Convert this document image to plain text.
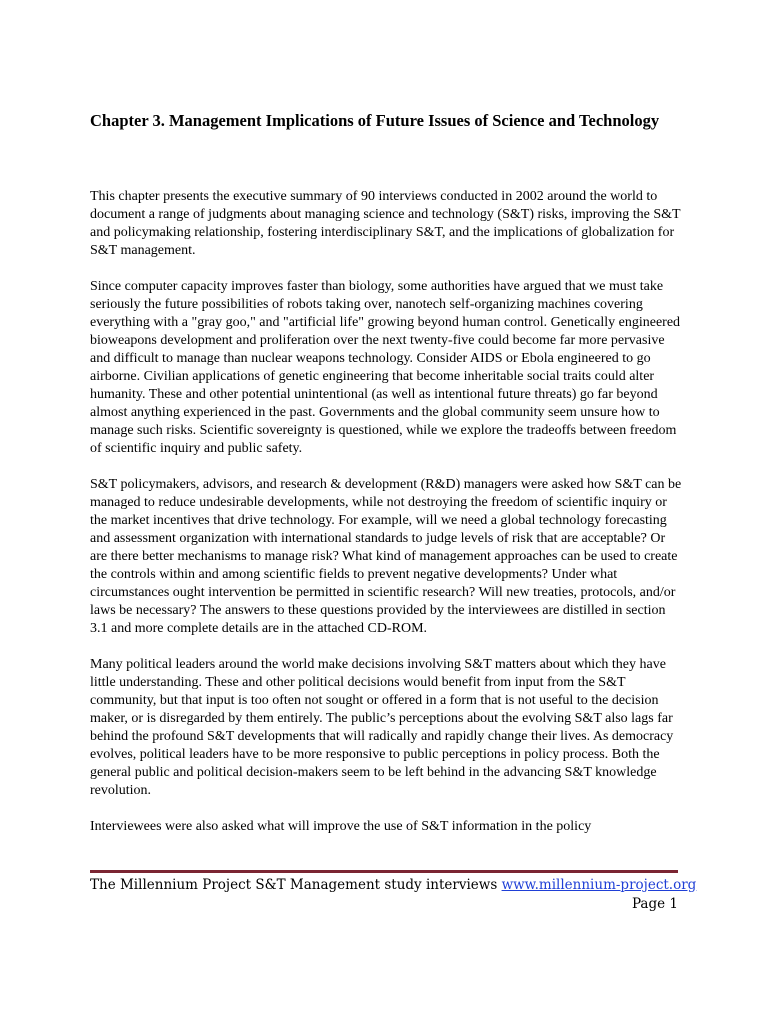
Chapter 3. Management Implications of Future Issues of Science and Technology

This chapter presents the executive summary of 90 interviews conducted in 2002 around the world to document a range of judgments about managing science and technology (S&T) risks, improving the S&T and policymaking relationship, fostering interdisciplinary S&T, and the implications of globalization for S&T management.

Since computer capacity improves faster than biology, some authorities have argued that we must take seriously the future possibilities of robots taking over, nanotech self-organizing machines covering everything with a "gray goo," and "artificial life" growing beyond human control. Genetically engineered bioweapons development and proliferation over the next twenty-five could become far more pervasive and difficult to manage than nuclear weapons technology. Consider AIDS or Ebola engineered to go airborne. Civilian applications of genetic engineering that become inheritable social traits could alter humanity. These and other potential unintentional (as well as intentional future threats) go far beyond almost anything experienced in the past. Governments and the global community seem unsure how to manage such risks. Scientific sovereignty is questioned, while we explore the tradeoffs between freedom of scientific inquiry and public safety.

S&T policymakers, advisors, and research & development (R&D) managers were asked how S&T can be managed to reduce undesirable developments, while not destroying the freedom of scientific inquiry or the market incentives that drive technology. For example, will we need a global technology forecasting and assessment organization with international standards to judge levels of risk that are acceptable? Or are there better mechanisms to manage risk? What kind of management approaches can be used to create the controls within and among scientific fields to prevent negative developments? Under what circumstances ought intervention be permitted in scientific research? Will new treaties, protocols, and/or laws be necessary? The answers to these questions provided by the interviewees are distilled in section 3.1 and more complete details are in the attached CD-ROM.

Many political leaders around the world make decisions involving S&T matters about which they have little understanding. These and other political decisions would benefit from input from the S&T community, but that input is too often not sought or offered in a form that is not useful to the decision maker, or is disregarded by them entirely. The public’s perceptions about the evolving S&T also lags far behind the profound S&T developments that will radically and rapidly change their lives. As democracy evolves, political leaders have to be more responsive to public perceptions in policy process. Both the general public and political decision-makers seem to be left behind in the advancing S&T knowledge revolution.

Interviewees were also asked what will improve the use of S&T information in the policy

The Millennium Project S&T Management study interviews www.millennium-project.org
Page 1
